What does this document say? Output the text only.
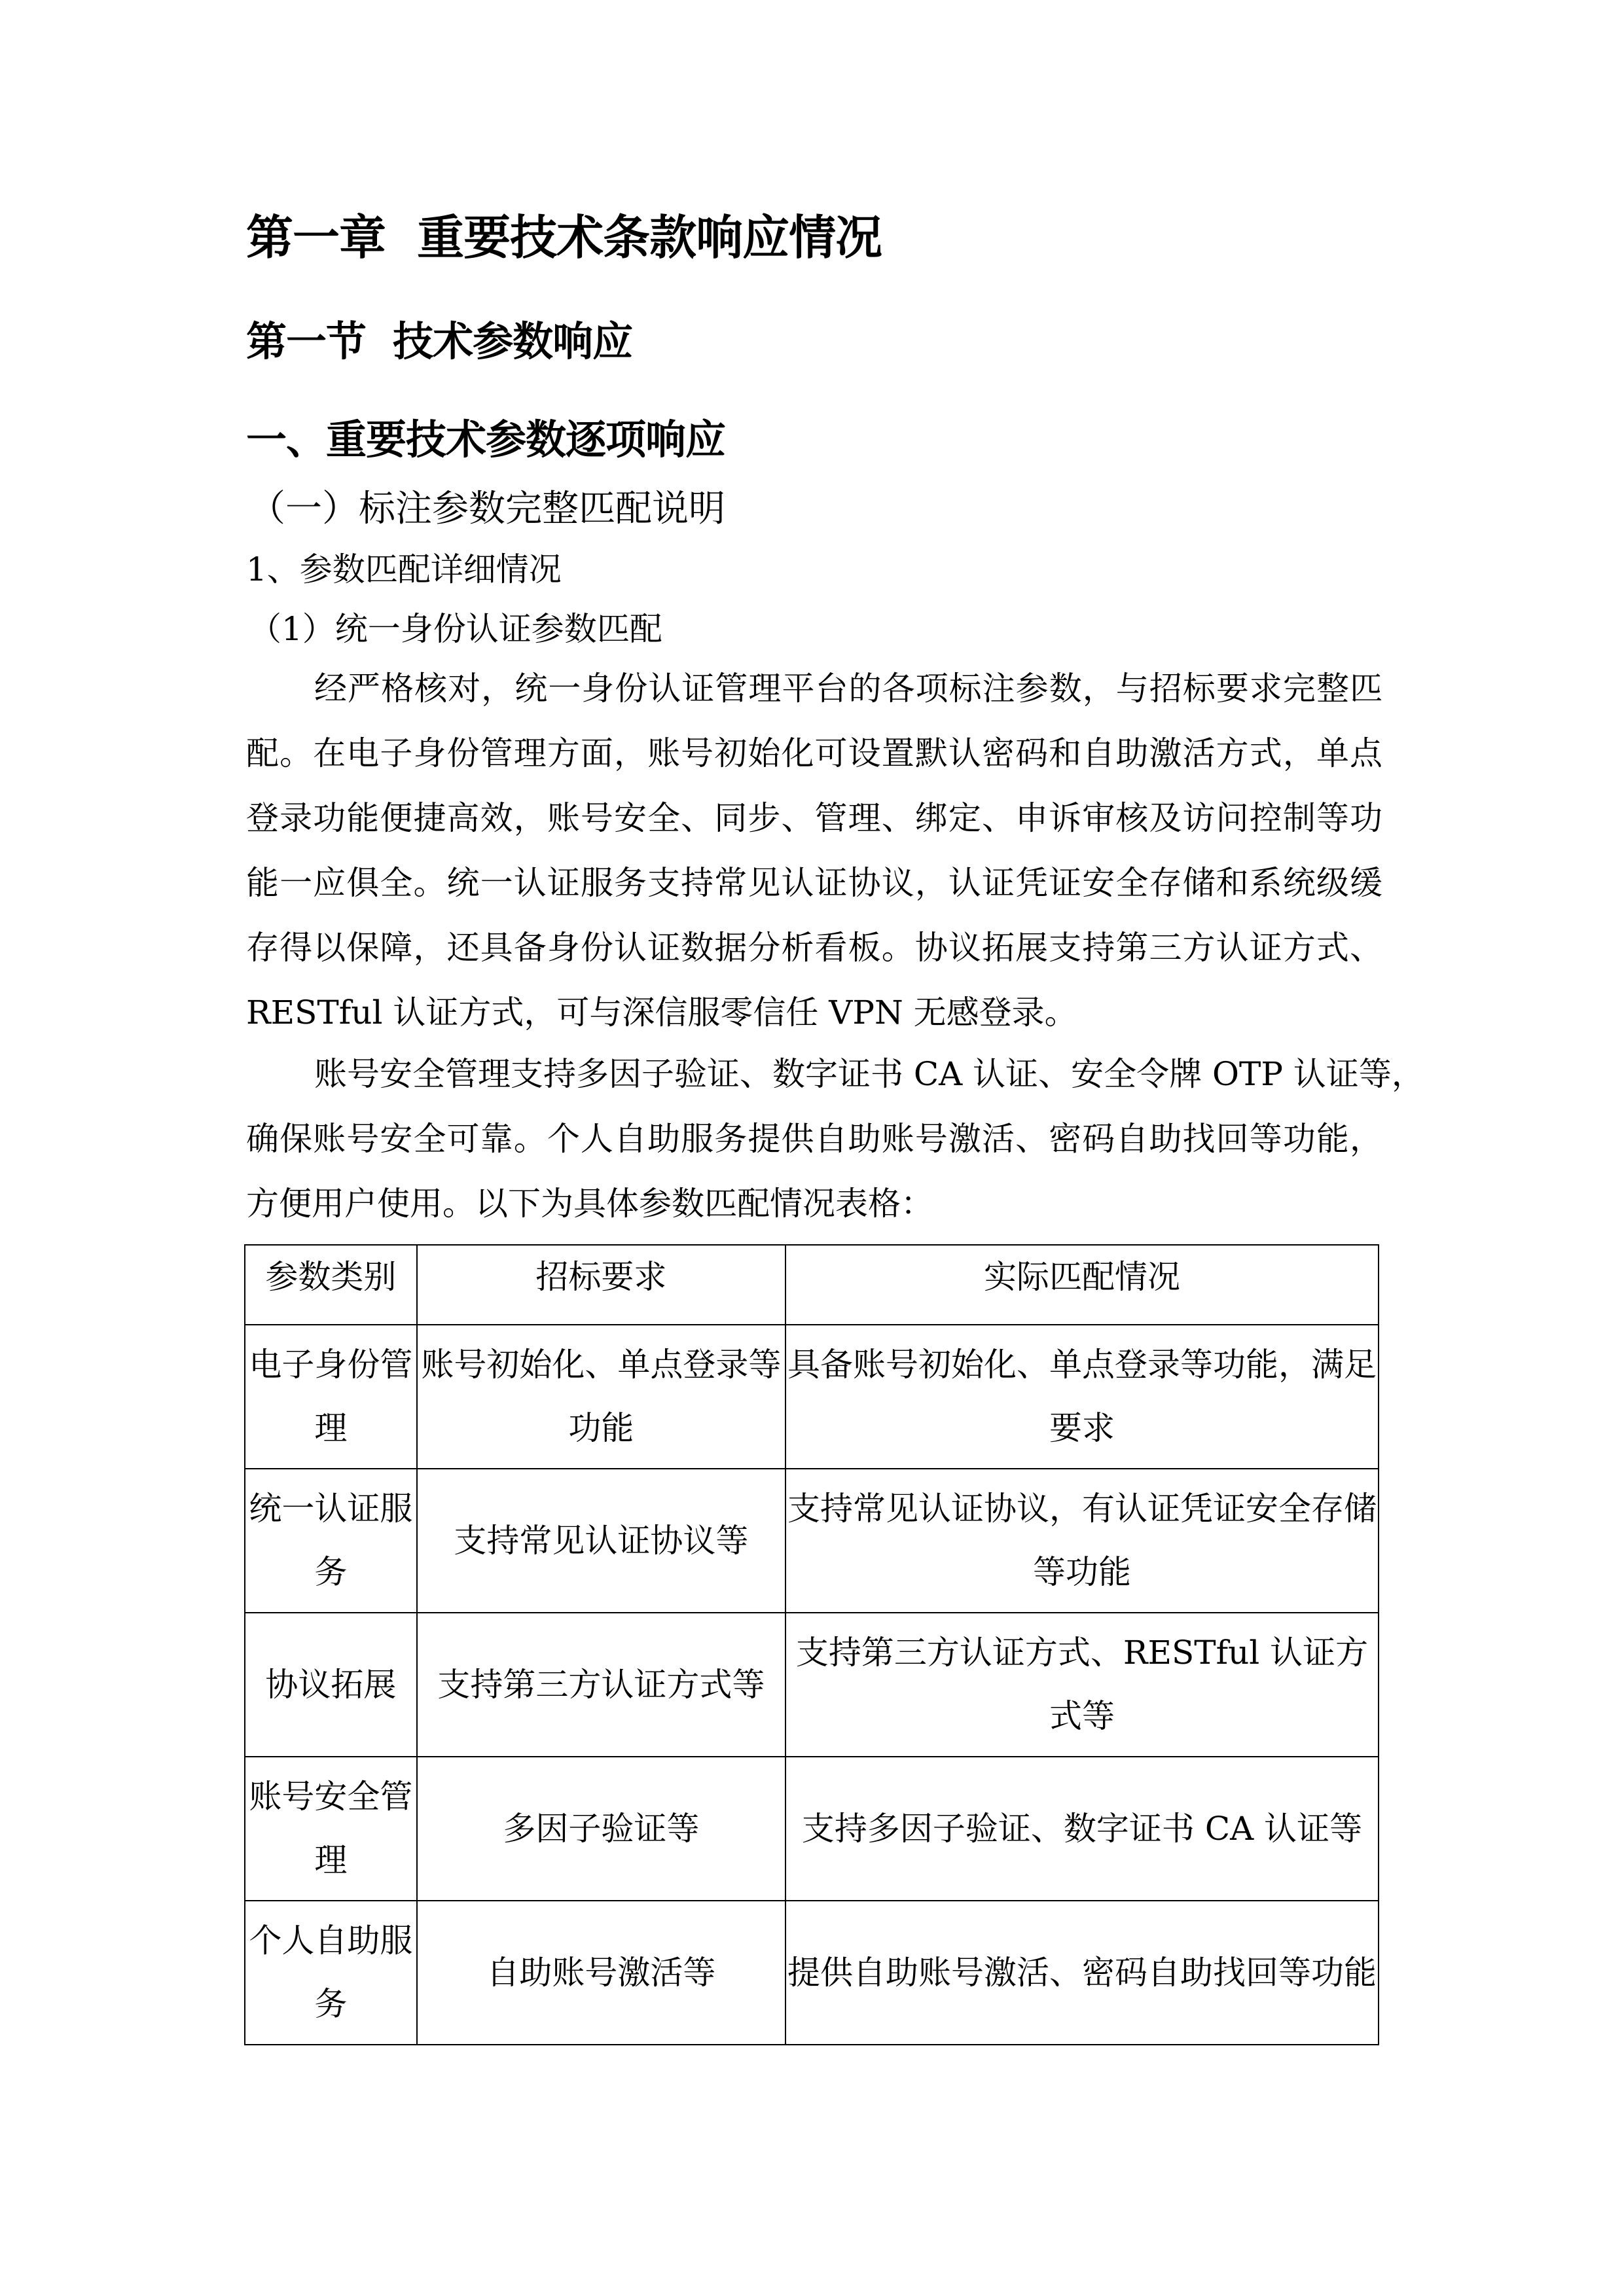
第一章  重要技术条款响应情况
第一节  技术参数响应
一、重要技术参数逐项响应
（一）标注参数完整匹配说明
1、参数匹配详细情况
（1）统一身份认证参数匹配
经严格核对，统一身份认证管理平台的各项标注参数，与招标要求完整匹
配。在电子身份管理方面，账号初始化可设置默认密码和自助激活方式，单点
登录功能便捷高效，账号安全、同步、管理、绑定、申诉审核及访问控制等功
能一应俱全。统一认证服务支持常见认证协议，认证凭证安全存储和系统级缓
存得以保障，还具备身份认证数据分析看板。协议拓展支持第三方认证方式、
RESTful 认证方式，可与深信服零信任 VPN 无感登录。
账号安全管理支持多因子验证、数字证书 CA 认证、安全令牌 OTP 认证等，
确保账号安全可靠。个人自助服务提供自助账号激活、密码自助找回等功能，
方便用户使用。以下为具体参数匹配情况表格：
参数类别	招标要求	实际匹配情况
电子身份管理	账号初始化、单点登录等功能	具备账号初始化、单点登录等功能，满足要求
统一认证服务	支持常见认证协议等	支持常见认证协议，有认证凭证安全存储等功能
协议拓展	支持第三方认证方式等	支持第三方认证方式、RESTful 认证方式等
账号安全管理	多因子验证等	支持多因子验证、数字证书 CA 认证等
个人自助服务	自助账号激活等	提供自助账号激活、密码自助找回等功能
